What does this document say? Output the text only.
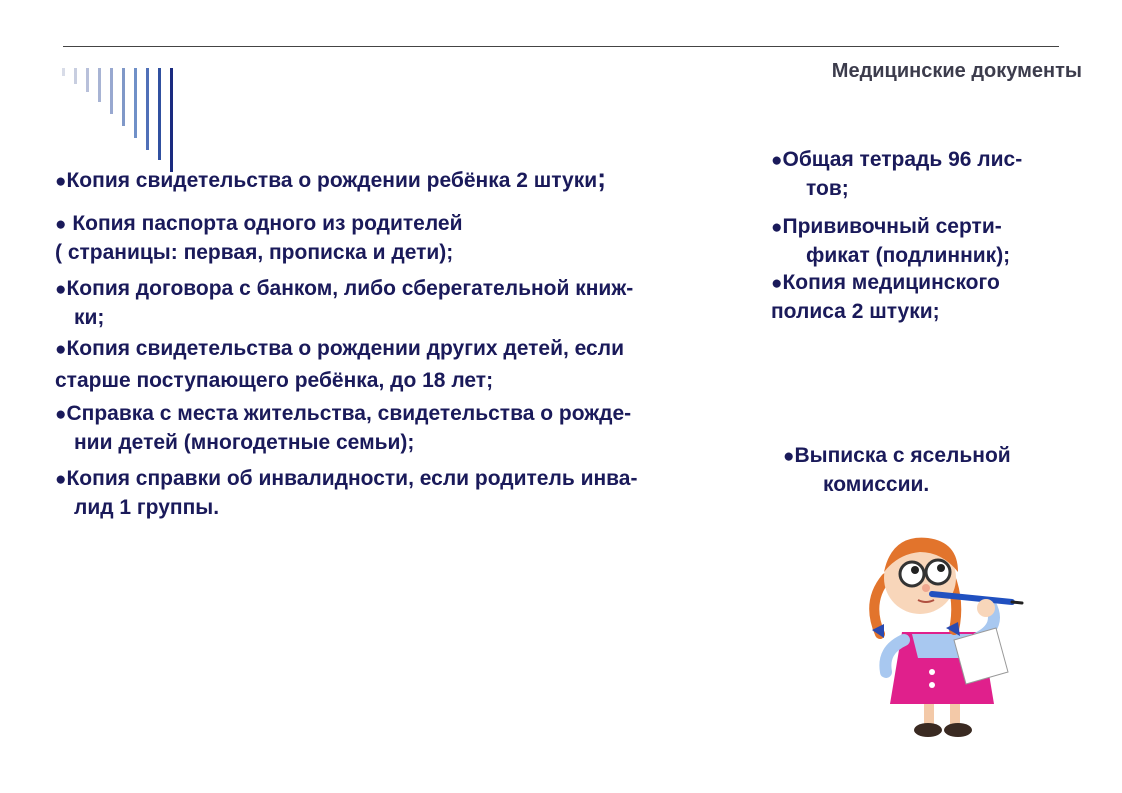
Медицинские документы
●Копия свидетельства о рождении ребёнка 2 штуки;
● Копия паспорта одного из родителей
( страницы: первая, прописка и дети);
●Копия договора с банком, либо сберегательной книж-
ки;
●Копия свидетельства о рождении других детей, если
старше поступающего ребёнка, до 18 лет;
●Справка с места жительства, свидетельства о рожде-
нии детей (многодетные семьи);
●Копия справки об инвалидности, если родитель инва-
лид 1 группы.
●Общая тетрадь 96 лис-
тов;
●Прививочный серти-
фикат (подлинник);
●Копия медицинского
полиса 2 штуки;
●Выписка с ясельной
комиссии.
